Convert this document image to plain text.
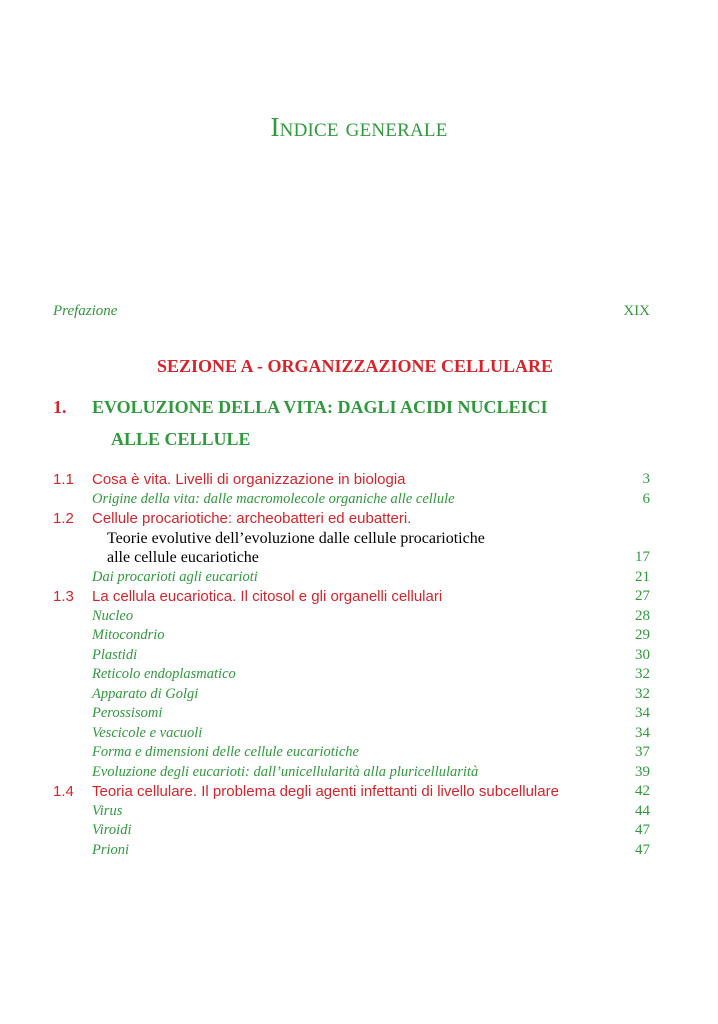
Indice generale
Prefazione	XIX
SEZIONE A - ORGANIZZAZIONE CELLULARE
1. EVOLUZIONE DELLA VITA: DAGLI ACIDI NUCLEICI
ALLE CELLULE
1.1 Cosa è vita. Livelli di organizzazione in biologia	3
Origine della vita: dalle macromolecole organiche alle cellule	6
1.2 Cellule procariotiche: archeobatteri ed eubatteri.
Teorie evolutive dell’evoluzione dalle cellule procariotiche
alle cellule eucariotiche	17
Dai procarioti agli eucarioti	21
1.3 La cellula eucariotica. Il citosol e gli organelli cellulari	27
Nucleo	28
Mitocondrio	29
Plastidi	30
Reticolo endoplasmatico	32
Apparato di Golgi	32
Perossisomi	34
Vescicole e vacuoli	34
Forma e dimensioni delle cellule eucariotiche	37
Evoluzione degli eucarioti: dall’unicellularità alla pluricellularità	39
1.4 Teoria cellulare. Il problema degli agenti infettanti di livello subcellulare	42
Virus	44
Viroidi	47
Prioni	47
